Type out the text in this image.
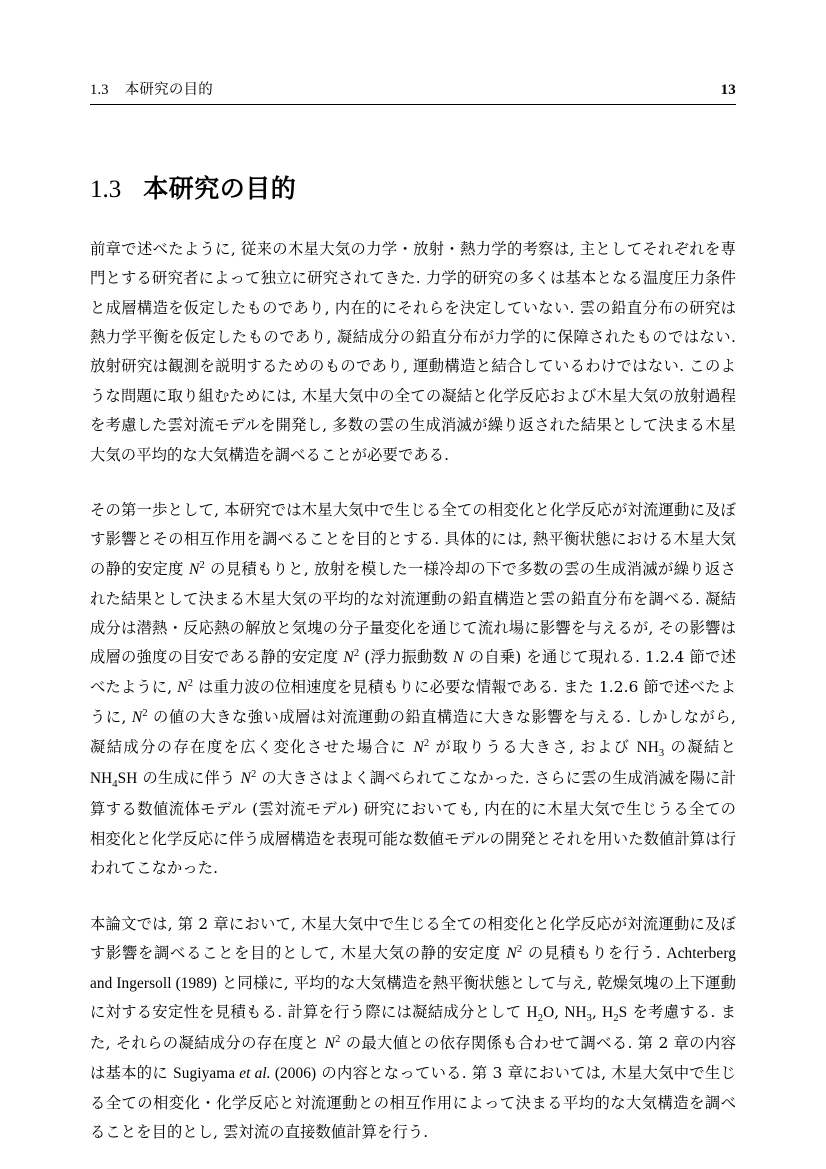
1.3 本研究の目的	13
1.3 本研究の目的

前章で述べたように, 従来の木星大気の力学・放射・熱力学的考察は, 主としてそれぞれを専門とする研究者によって独立に研究されてきた. 力学的研究の多くは基本となる温度圧力条件と成層構造を仮定したものであり, 内在的にそれらを決定していない. 雲の鉛直分布の研究は熱力学平衡を仮定したものであり, 凝結成分の鉛直分布が力学的に保障されたものではない. 放射研究は観測を説明するためのものであり, 運動構造と結合しているわけではない. このような問題に取り組むためには, 木星大気中の全ての凝結と化学反応および木星大気の放射過程を考慮した雲対流モデルを開発し, 多数の雲の生成消滅が繰り返された結果として決まる木星大気の平均的な大気構造を調べることが必要である.

その第一歩として, 本研究では木星大気中で生じる全ての相変化と化学反応が対流運動に及ぼす影響とその相互作用を調べることを目的とする. 具体的には, 熱平衡状態における木星大気の静的安定度 $N^2$ の見積もりと, 放射を模した一様冷却の下で多数の雲の生成消滅が繰り返された結果として決まる木星大気の平均的な対流運動の鉛直構造と雲の鉛直分布を調べる. 凝結成分は潜熱・反応熱の解放と気塊の分子量変化を通じて流れ場に影響を与えるが, その影響は成層の強度の目安である静的安定度 $N^2$ (浮力振動数 N の自乗) を通じて現れる. 1.2.4 節で述べたように, $N^2$ は重力波の位相速度を見積もりに必要な情報である. また 1.2.6 節で述べたように, $N^2$ の値の大きな強い成層は対流運動の鉛直構造に大きな影響を与える. しかしながら, 凝結成分の存在度を広く変化させた場合に $N^2$ が取りうる大きさ, および $NH_3$ の凝結と $NH_4SH$ の生成に伴う $N^2$ の大きさはよく調べられてこなかった. さらに雲の生成消滅を陽に計算する数値流体モデル (雲対流モデル) 研究においても, 内在的に木星大気で生じうる全ての相変化と化学反応に伴う成層構造を表現可能な数値モデルの開発とそれを用いた数値計算は行われてこなかった.

本論文では, 第 2 章において, 木星大気中で生じる全ての相変化と化学反応が対流運動に及ぼす影響を調べることを目的として, 木星大気の静的安定度 $N^2$ の見積もりを行う. Achterberg and Ingersoll (1989) と同様に, 平均的な大気構造を熱平衡状態として与え, 乾燥気塊の上下運動に対する安定性を見積もる. 計算を行う際には凝結成分として $H_2O$, $NH_3$, $H_2S$ を考慮する. また, それらの凝結成分の存在度と $N^2$ の最大値との依存関係も合わせて調べる. 第 2 章の内容は基本的に Sugiyama et al. (2006) の内容となっている. 第 3 章においては, 木星大気中で生じる全ての相変化・化学反応と対流運動との相互作用によって決まる平均的な大気構造を調べることを目的とし, 雲対流の直接数値計算を行う.
